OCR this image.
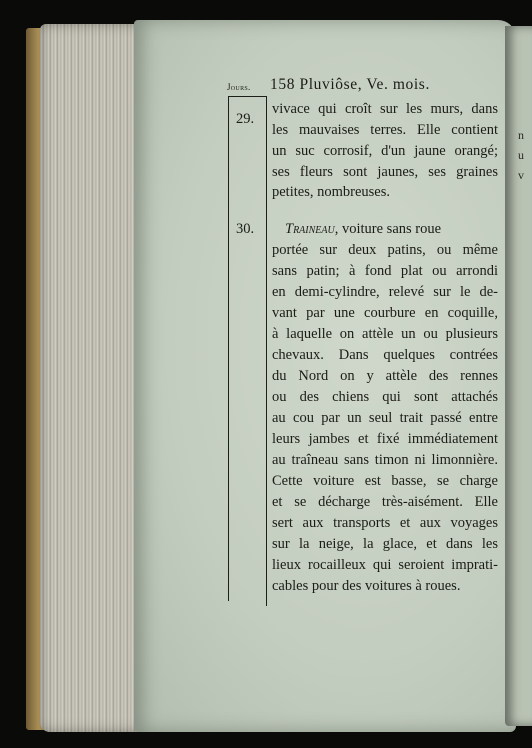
n
u
v
Jours. 158 Pluviôse, Ve. mois.
29.
vivace qui croît sur les murs, dans
les mauvaises terres. Elle contient
un suc corrosif, d'un jaune orangé;
ses fleurs sont jaunes, ses graines
petites, nombreuses.
30. Traineau, voiture sans roue
portée sur deux patins, ou même
sans patin; à fond plat ou arrondi
en demi-cylindre, relevé sur le de-
vant par une courbure en coquille,
à laquelle on attèle un ou plusieurs
chevaux. Dans quelques contrées
du Nord on y attèle des rennes
ou des chiens qui sont attachés
au cou par un seul trait passé entre
leurs jambes et fixé immédiatement
au traîneau sans timon ni limonnière.
Cette voiture est basse, se charge
et se décharge très-aisément. Elle
sert aux transports et aux voyages
sur la neige, la glace, et dans les
lieux rocailleux qui seroient imprati-
cables pour des voitures à roues.
